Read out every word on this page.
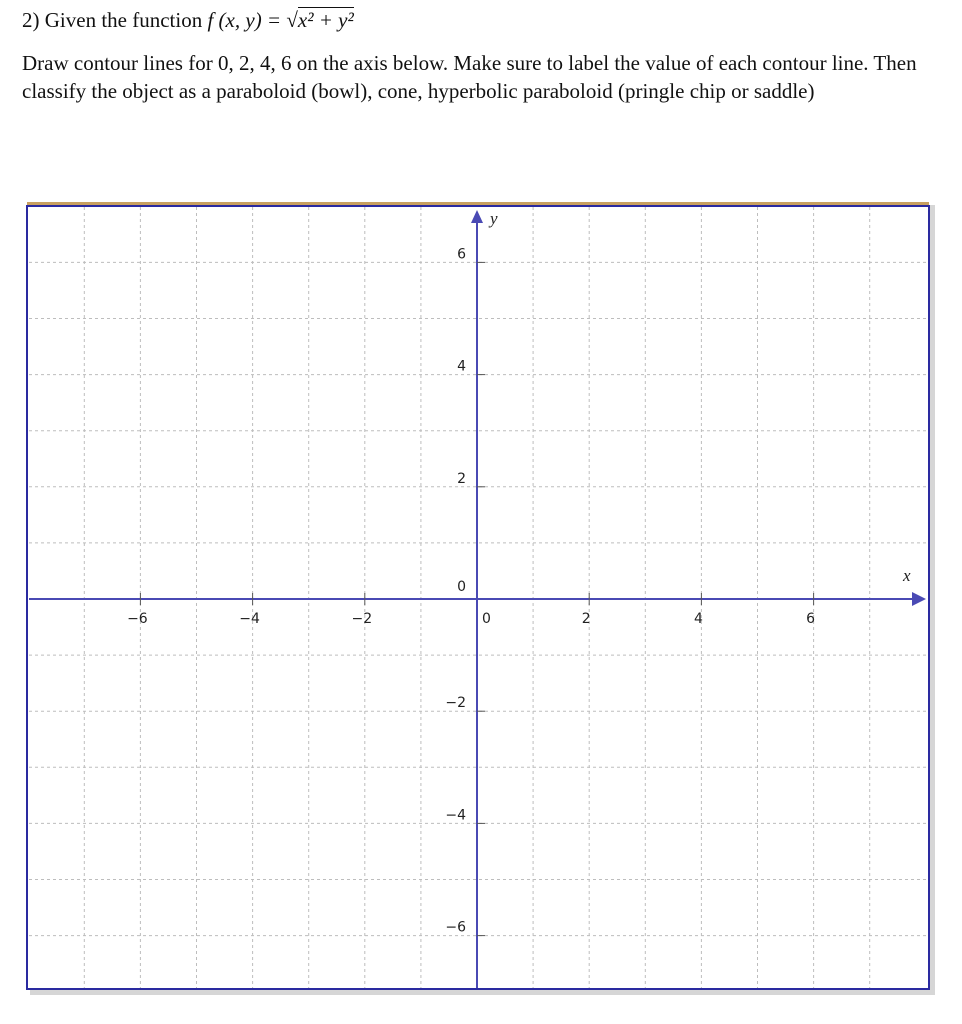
2) Given the function f (x, y) = √x² + y²

Draw contour lines for 0, 2, 4, 6 on the axis below. Make sure to label the value of each contour line. Then classify the object as a paraboloid (bowl), cone, hyperbolic paraboloid (pringle chip or saddle)

−6	−4	−2	0	2	4	6
6
4
2
0
−2
−4
−6
x
y
